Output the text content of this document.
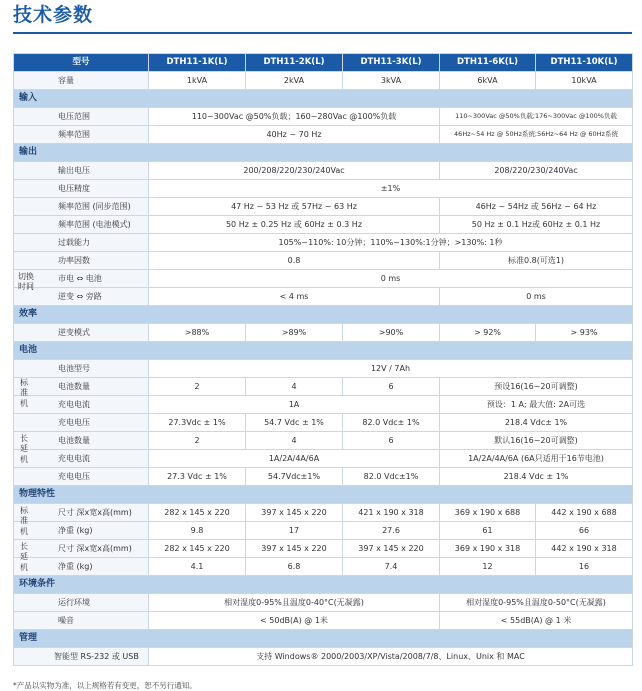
技术参数
型号	DTH11-1K(L)	DTH11-2K(L)	DTH11-3K(L)	DTH11-6K(L)	DTH11-10K(L)
容量	1kVA	2kVA	3kVA	6kVA	10kVA
输入					
电压范围	110~300Vac @50%负载；160~280Vac @100%负载			110~300Vac @50%负载;176~300Vac @100%负载	
频率范围	40Hz ~ 70 Hz			46Hz~54 Hz @ 50Hz系统;56Hz~64 Hz @ 60Hz系统	
输出					
输出电压	200/208/220/230/240Vac			208/220/230/240Vac	
电压精度	±1%				
频率范围 (同步范围)	47 Hz ~ 53 Hz 或 57Hz ~ 63 Hz			46Hz ~ 54Hz 或 56Hz ~ 64 Hz	
频率范围 (电池模式)	50 Hz ± 0.25 Hz 或 60Hz ± 0.3 Hz			50 Hz ± 0.1 Hz或 60Hz ± 0.1 Hz	
过载能力	105%~110%: 10分钟；110%~130%:1分钟；>130%: 1秒				
功率因数	0.8			标准0.8(可选1)	

切换时间
市电 ⇔ 电池	0 ms				
逆变 ⇔ 旁路	< 4 ms			0 ms	
效率					
逆变模式	>88%	>89%	>90%	> 92%	> 93%
电池					

标准机
电池型号	12V / 7Ah				
电池数量	2	4	6	预设16(16~20可调整)	
充电电流	1A			预设：1 A; 最大值: 2A可选	
充电电压	27.3Vdc ± 1%	54.7 Vdc ± 1%	82.0 Vdc± 1%	218.4 Vdc± 1%	

长延机
电池数量	2	4	6	默认16(16~20可调整)	
充电电流	1A/2A/4A/6A			1A/2A/4A/6A (6A只适用于16节电池)	
充电电压	27.3 Vdc ± 1%	54.7Vdc±1%	82.0 Vdc±1%	218.4 Vdc ± 1%	
物理特性					

标准机
尺寸 深x宽x高(mm)	282 x 145 x 220	397 x 145 x 220	421 x 190 x 318	369 x 190 x 688	442 x 190 x 688
净重 (kg)	9.8	17	27.6	61	66

长延机
尺寸 深x宽x高(mm)	282 x 145 x 220	397 x 145 x 220	397 x 145 x 220	369 x 190 x 318	442 x 190 x 318
净重 (kg)	4.1	6.8	7.4	12	16
环境条件					
运行环境	相对湿度0-95%且温度0-40°C(无凝露)			相对湿度0-95%且温度0-50°C(无凝露)	
噪音	< 50dB(A) @ 1米			< 55dB(A) @ 1 米	
管理					
智能型 RS-232 或 USB	支持 Windows® 2000/2003/XP/Vista/2008/7/8、Linux、Unix 和 MAC				
*产品以实物为准，以上规格若有变更，恕不另行通知。
